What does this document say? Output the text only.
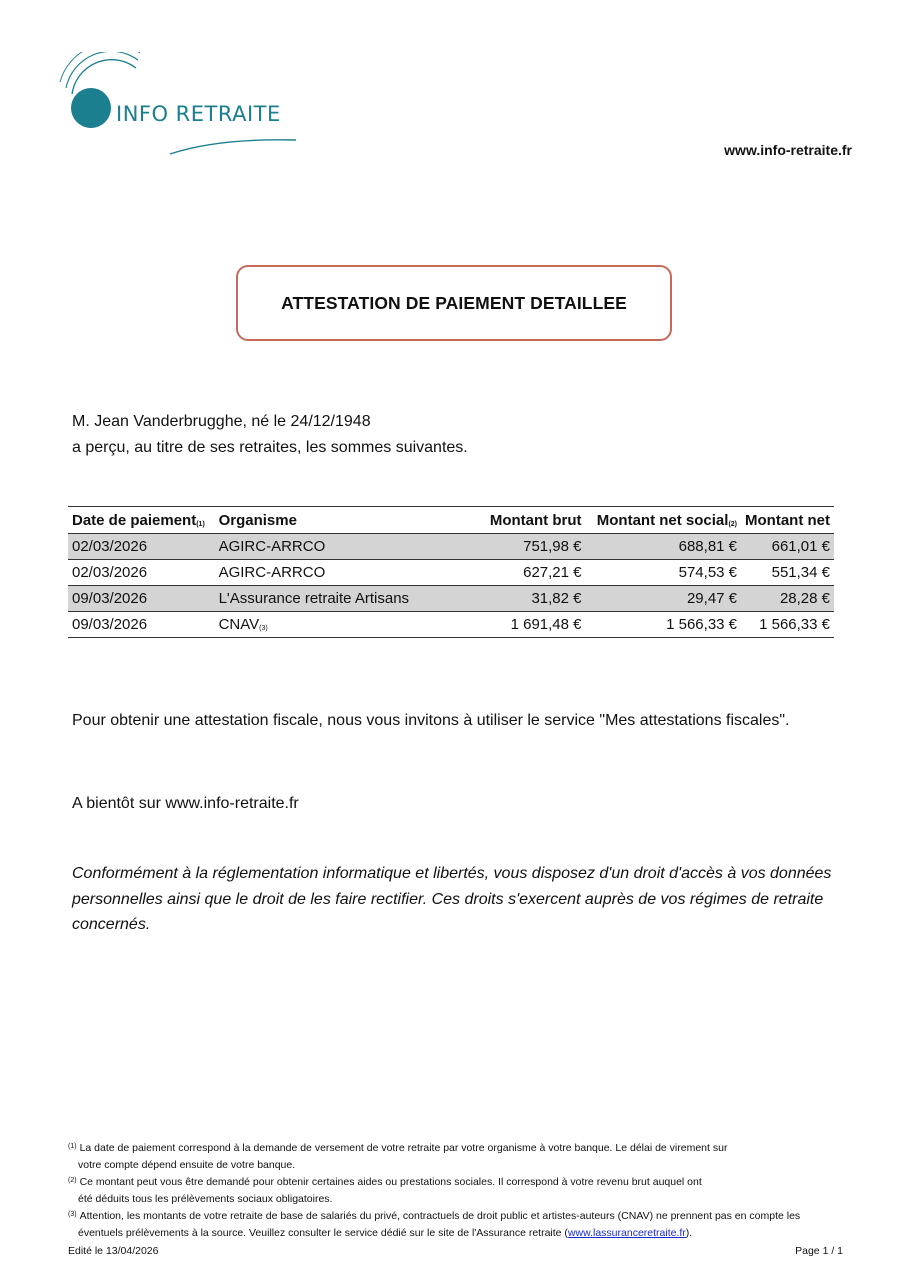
INFO RETRAITE
www.info-retraite.fr
ATTESTATION DE PAIEMENT DETAILLEE
M. Jean Vanderbrugghe, né le 24/12/1948
a perçu, au titre de ses retraites, les sommes suivantes.
Date de paiement$^{(1)}$	Organisme	Montant brut	Montant net social$^{(2)}$	Montant net
02/03/2026	AGIRC-ARRCO	751,98 €	688,81 €	661,01 €
02/03/2026	AGIRC-ARRCO	627,21 €	574,53 €	551,34 €
09/03/2026	L'Assurance retraite Artisans	31,82 €	29,47 €	28,28 €
09/03/2026	CNAV$^{(3)}$	1 691,48 €	1 566,33 €	1 566,33 €
Pour obtenir une attestation fiscale, nous vous invitons à utiliser le service "Mes attestations fiscales".
A bientôt sur www.info-retraite.fr
Conformément à la réglementation informatique et libertés, vous disposez d'un droit d'accès à vos données personnelles ainsi que le droit de les faire rectifier. Ces droits s'exercent auprès de vos régimes de retraite concernés.
$^{(1)}$ La date de paiement correspond à la demande de versement de votre retraite par votre organisme à votre banque. Le délai de virement sur
votre compte dépend ensuite de votre banque.
$^{(2)}$ Ce montant peut vous être demandé pour obtenir certaines aides ou prestations sociales. Il correspond à votre revenu brut auquel ont
été déduits tous les prélèvements sociaux obligatoires.
$^{(3)}$ Attention, les montants de votre retraite de base de salariés du privé, contractuels de droit public et artistes-auteurs (CNAV) ne prennent pas en compte les
éventuels prélèvements à la source. Veuillez consulter le service dédié sur le site de l'Assurance retraite (www.lassuranceretraite.fr).
Edité le 13/04/2026	Page 1 / 1
